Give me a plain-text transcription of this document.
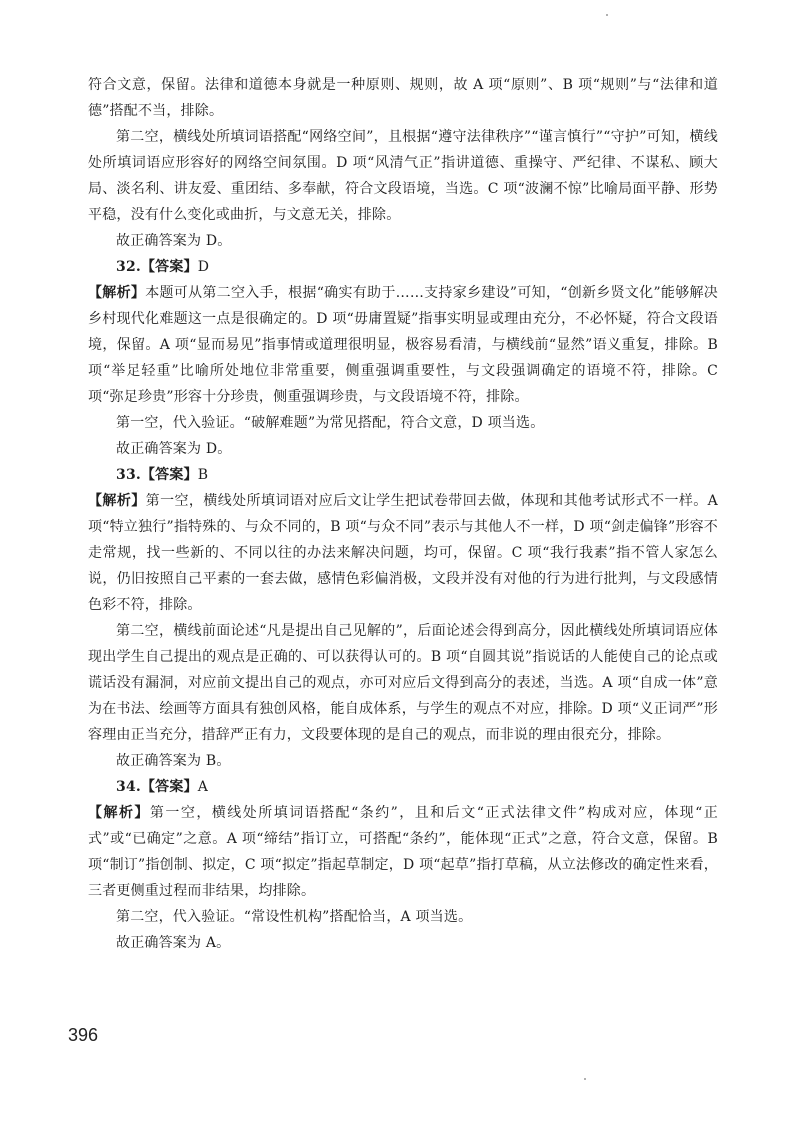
符合文意，保留。法律和道德本身就是一种原则、规则，故 A 项“原则”、B 项“规则”与“法律和道德”搭配不当，排除。

第二空，横线处所填词语搭配“网络空间”，且根据“遵守法律秩序”“谨言慎行”“守护”可知，横线处所填词语应形容好的网络空间氛围。D 项“风清气正”指讲道德、重操守、严纪律、不谋私、顾大局、淡名利、讲友爱、重团结、多奉献，符合文段语境，当选。C 项“波澜不惊”比喻局面平静、形势平稳，没有什么变化或曲折，与文意无关，排除。

故正确答案为 D。

32.【答案】D

【解析】本题可从第二空入手，根据“确实有助于……支持家乡建设”可知，“创新乡贤文化”能够解决乡村现代化难题这一点是很确定的。D 项“毋庸置疑”指事实明显或理由充分，不必怀疑，符合文段语境，保留。A 项“显而易见”指事情或道理很明显，极容易看清，与横线前“显然”语义重复，排除。B 项“举足轻重”比喻所处地位非常重要，侧重强调重要性，与文段强调确定的语境不符，排除。C 项“弥足珍贵”形容十分珍贵，侧重强调珍贵，与文段语境不符，排除。

第一空，代入验证。“破解难题”为常见搭配，符合文意，D 项当选。

故正确答案为 D。

33.【答案】B

【解析】第一空，横线处所填词语对应后文让学生把试卷带回去做，体现和其他考试形式不一样。A 项“特立独行”指特殊的、与众不同的，B 项“与众不同”表示与其他人不一样，D 项“剑走偏锋”形容不走常规，找一些新的、不同以往的办法来解决问题，均可，保留。C 项“我行我素”指不管人家怎么说，仍旧按照自己平素的一套去做，感情色彩偏消极，文段并没有对他的行为进行批判，与文段感情色彩不符，排除。

第二空，横线前面论述“凡是提出自己见解的”，后面论述会得到高分，因此横线处所填词语应体现出学生自己提出的观点是正确的、可以获得认可的。B 项“自圆其说”指说话的人能使自己的论点或谎话没有漏洞，对应前文提出自己的观点，亦可对应后文得到高分的表述，当选。A 项“自成一体”意为在书法、绘画等方面具有独创风格，能自成体系，与学生的观点不对应，排除。D 项“义正词严”形容理由正当充分，措辞严正有力，文段要体现的是自己的观点，而非说的理由很充分，排除。

故正确答案为 B。

34.【答案】A

【解析】第一空，横线处所填词语搭配“条约”，且和后文“正式法律文件”构成对应，体现“正式”或“已确定”之意。A 项“缔结”指订立，可搭配“条约”，能体现“正式”之意，符合文意，保留。B 项“制订”指创制、拟定，C 项“拟定”指起草制定，D 项“起草”指打草稿，从立法修改的确定性来看，三者更侧重过程而非结果，均排除。

第二空，代入验证。“常设性机构”搭配恰当，A 项当选。

故正确答案为 A。

396
